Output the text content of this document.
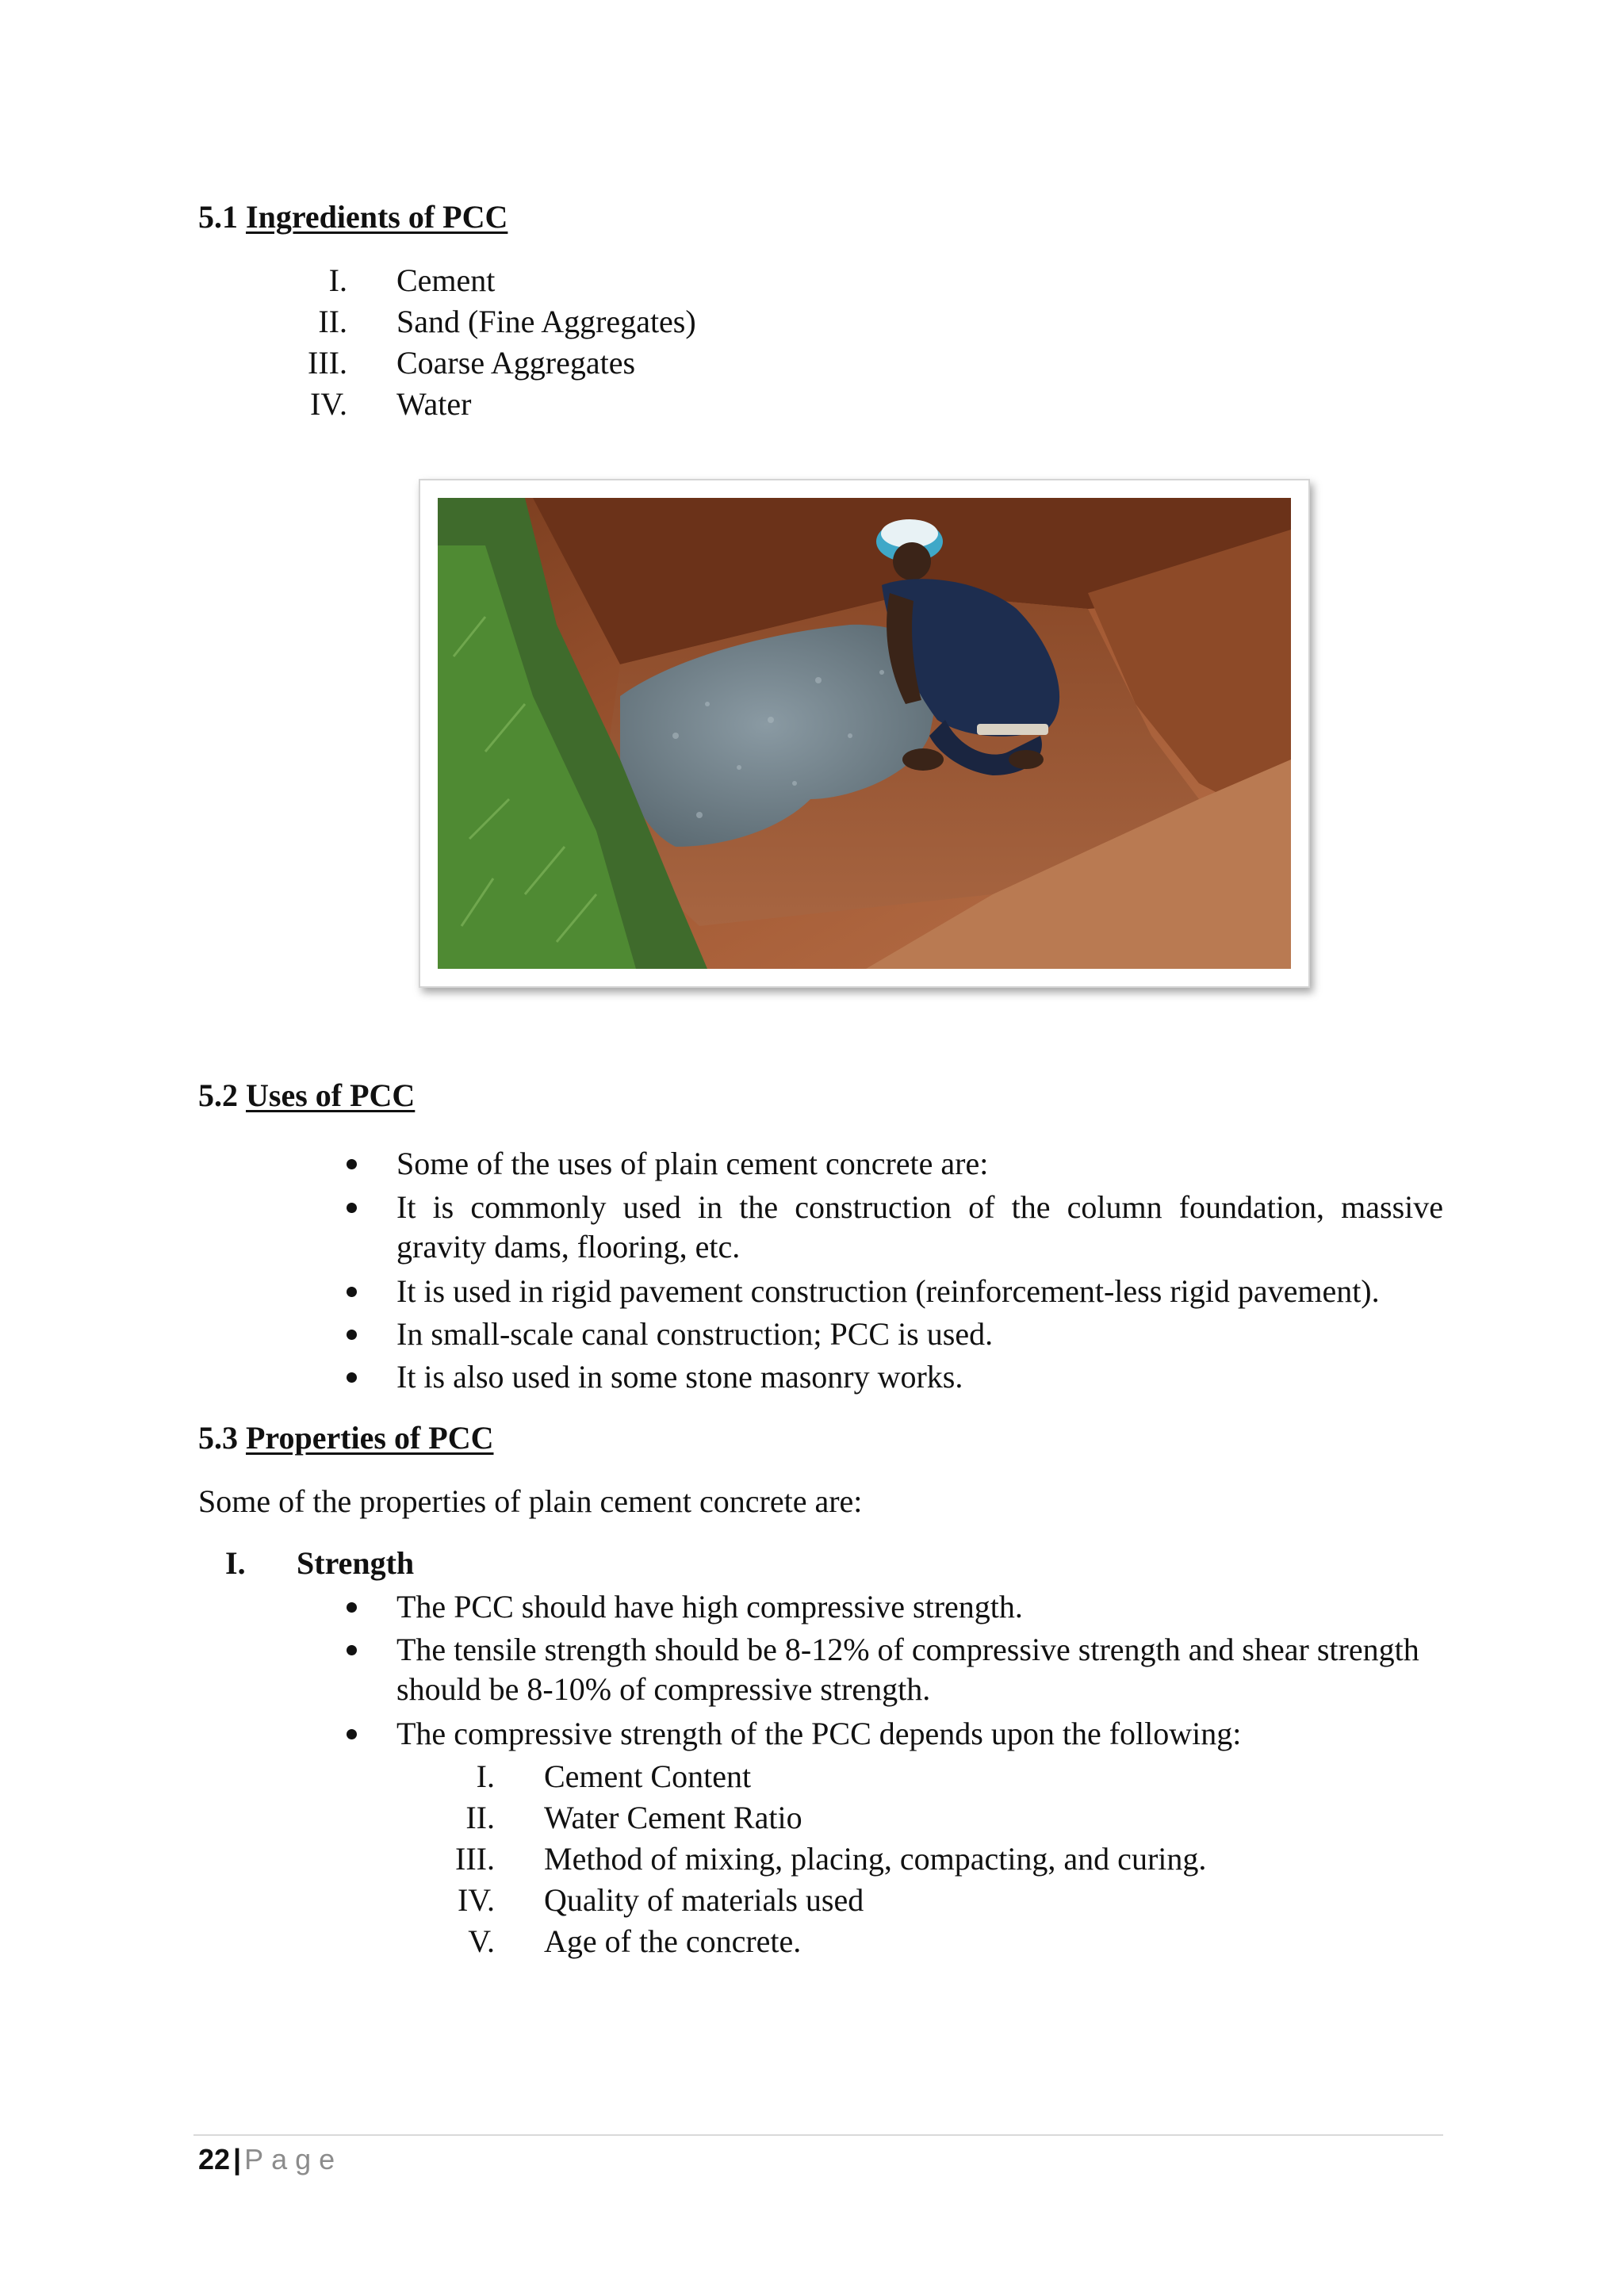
5.1 Ingredients of PCC
I. Cement
II. Sand (Fine Aggregates)
III. Coarse Aggregates
IV. Water
5.2 Uses of PCC
Some of the uses of plain cement concrete are:
It is commonly used in the construction of the column foundation, massive
gravity dams, flooring, etc.
It is used in rigid pavement construction (reinforcement-less rigid pavement).
In small-scale canal construction; PCC is used.
It is also used in some stone masonry works.
5.3 Properties of PCC
Some of the properties of plain cement concrete are:
I. Strength
The PCC should have high compressive strength.
The tensile strength should be 8-12% of compressive strength and shear strength
should be 8-10% of compressive strength.
The compressive strength of the PCC depends upon the following:
I. Cement Content
II. Water Cement Ratio
III. Method of mixing, placing, compacting, and curing.
IV. Quality of materials used
V. Age of the concrete.
22 | Page
